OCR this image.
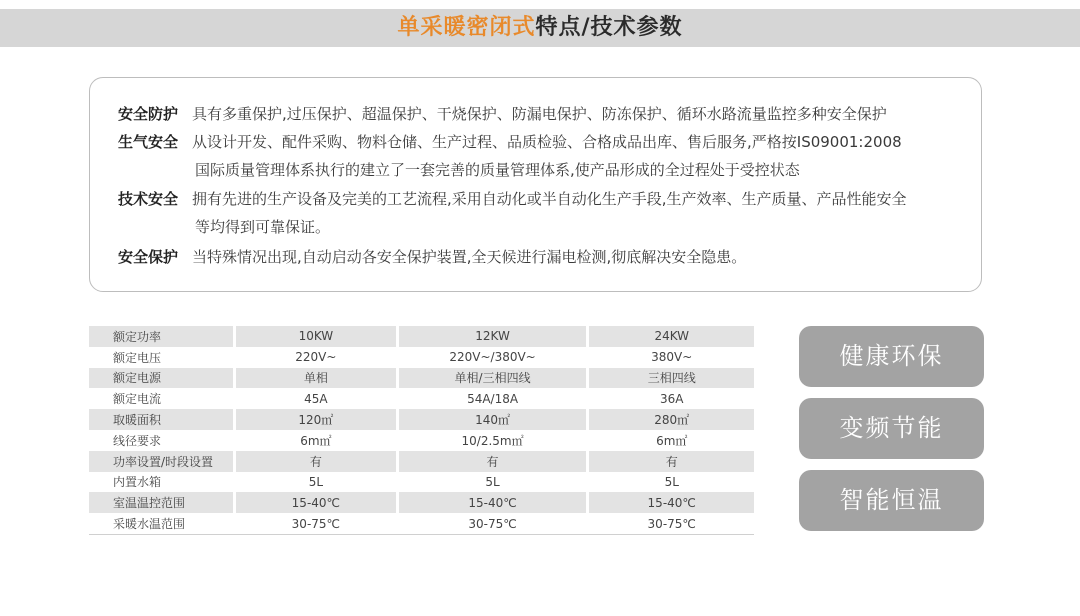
单采暖密闭式特点/技术参数
安全防护 具有多重保护,过压保护、超温保护、干烧保护、防漏电保护、防冻保护、循环水路流量监控多种安全保护
生气安全 从设计开发、配件采购、物料仓储、生产过程、品质检验、合格成品出库、售后服务,严格按IS09001:2008
国际质量管理体系执行的建立了一套完善的质量管理体系,使产品形成的全过程处于受控状态
技术安全 拥有先进的生产设备及完美的工艺流程,采用自动化或半自动化生产手段,生产效率、生产质量、产品性能安全
等均得到可靠保证。
安全保护 当特殊情况出现,自动启动各安全保护装置,全天候进行漏电检测,彻底解决安全隐患。
额定功率	10KW	12KW	24KW
额定电压	220V~	220V~/380V~	380V~
额定电源	单相	单相/三相四线	三相四线
额定电流	45A	54A/18A	36A
取暖面积	120㎡	140㎡	280㎡
线径要求	6m㎡	10/2.5m㎡	6m㎡
功率设置/时段设置	有	有	有
内置水箱	5L	5L	5L
室温温控范围	15-40℃	15-40℃	15-40℃
采暖水温范围	30-75℃	30-75℃	30-75℃
健康环保
变频节能
智能恒温
